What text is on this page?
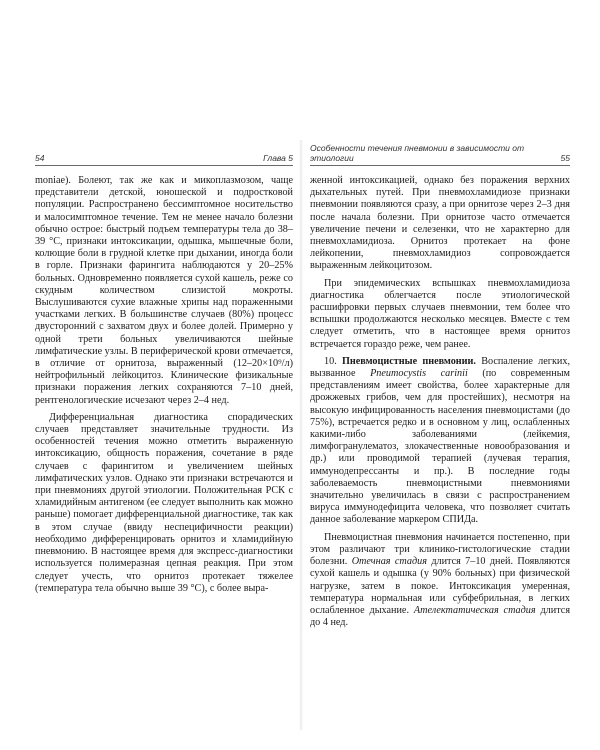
54	Глава 5

moniae). Болеют, так же как и микоплазмозом, чаще представители детской, юношеской и подростковой популяции. Распространено бессимптомное носительство и малосимптомное течение. Тем не менее начало болезни обычно острое: быстрый подъем температуры тела до 38–39 °С, признаки интоксикации, одышка, мышечные боли, колющие боли в грудной клетке при дыхании, иногда боли в горле. Признаки фарингита наблюдаются у 20–25% больных. Одновременно появляется сухой кашель, реже со скудным количеством слизистой мокроты. Выслушиваются сухие влажные хрипы над пораженными участками легких. В большинстве случаев (80%) процесс двусторонний с захватом двух и более долей. Примерно у одной трети больных увеличиваются шейные лимфатические узлы. В периферической крови отмечается, в отличие от орнитоза, выраженный (12–20×10⁹/л) нейтрофильный лейкоцитоз. Клинические физикальные признаки поражения легких сохраняются 7–10 дней, рентгенологические исчезают через 2–4 нед.

Дифференциальная диагностика спорадических случаев представляет значительные трудности. Из особенностей течения можно отметить выраженную интоксикацию, общность поражения, сочетание в ряде случаев с фарингитом и увеличением шейных лимфатических узлов. Однако эти признаки встречаются и при пневмониях другой этиологии. Положительная РСК с хламидийным антигеном (ее следует выполнить как можно раньше) помогает дифференциальной диагностике, так как в этом случае (ввиду неспецифичности реакции) необходимо дифференцировать орнитоз и хламидийную пневмонию. В настоящее время для экспресс-диагностики используется полимеразная цепная реакция. При этом следует учесть, что орнитоз протекает тяжелее (температура тела обычно выше 39 °С), с более выра-

Особенности течения пневмонии в зависимости от этиологии	55

женной интоксикацией, однако без поражения верхних дыхательных путей. При пневмохламидиозе признаки пневмонии появляются сразу, а при орнитозе через 2–3 дня после начала болезни. При орнитозе часто отмечается увеличение печени и селезенки, что не характерно для пневмохламидиоза. Орнитоз протекает на фоне лейкопении, пневмохламидиоз сопровождается выраженным лейкоцитозом.

При эпидемических вспышках пневмохламидиоза диагностика облегчается после этиологической расшифровки первых случаев пневмонии, тем более что вспышки продолжаются несколько месяцев. Вместе с тем следует отметить, что в настоящее время орнитоз встречается гораздо реже, чем ранее.

10. Пневмоцистные пневмонии. Воспаление легких, вызванное Pneumocystis carinii (по современным представлениям имеет свойства, более характерные для дрожжевых грибов, чем для простейших), несмотря на высокую инфицированность населения пневмоцистами (до 75%), встречается редко и в основном у лиц, ослабленных какими-либо заболеваниями (лейкемия, лимфогранулематоз, злокачественные новообразования и др.) или проводимой терапией (лучевая терапия, иммунодепрессанты и пр.). В последние годы заболеваемость пневмоцистными пневмониями значительно увеличилась в связи с распространением вируса иммунодефицита человека, что позволяет считать данное заболевание маркером СПИДа.

Пневмоцистная пневмония начинается постепенно, при этом различают три клинико-гистологические стадии болезни. Отечная стадия длится 7–10 дней. Появляются сухой кашель и одышка (у 90% больных) при физической нагрузке, затем в покое. Интоксикация умеренная, температура нормальная или субфебрильная, в легких ослабленное дыхание. Ателектатическая стадия длится до 4 нед.
